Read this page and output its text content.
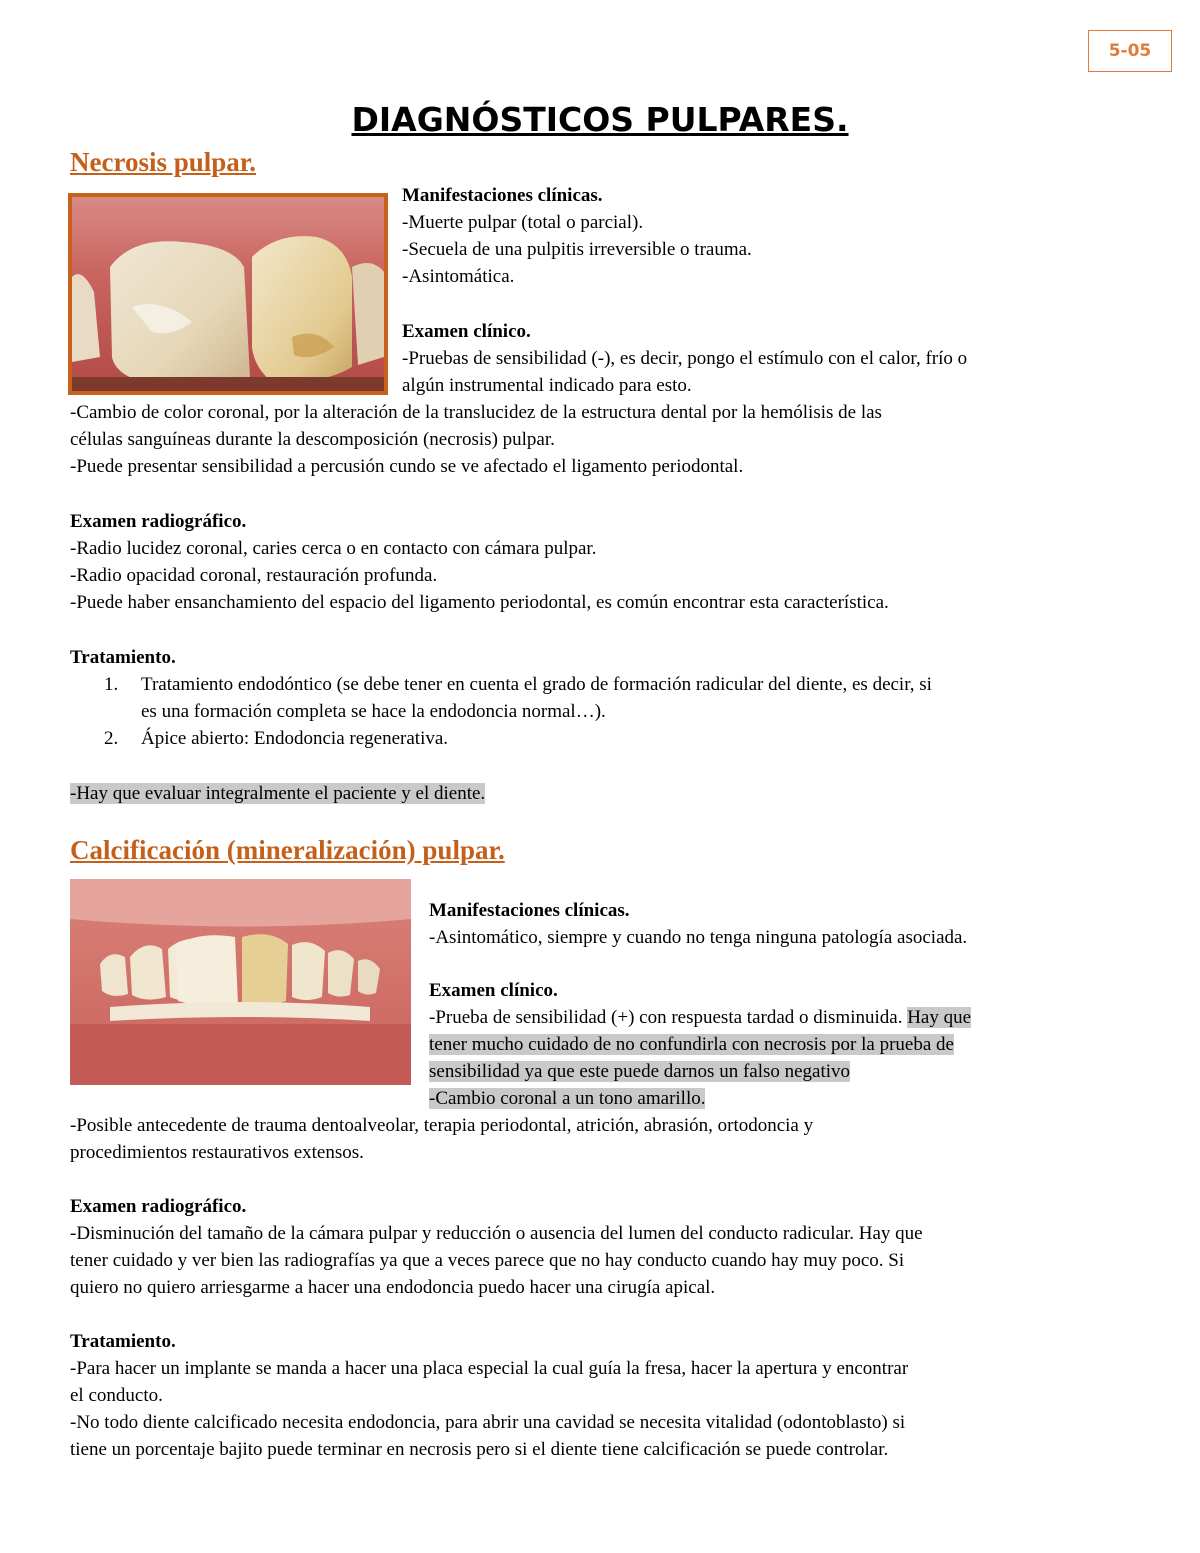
5-05
DIAGNÓSTICOS PULPARES.
Necrosis pulpar.
Manifestaciones clínicas.
-Muerte pulpar (total o parcial).
-Secuela de una pulpitis irreversible o trauma.
-Asintomática.
Examen clínico.
-Pruebas de sensibilidad (-), es decir, pongo el estímulo con el calor, frío o
algún instrumental indicado para esto.
-Cambio de color coronal, por la alteración de la translucidez de la estructura dental por la hemólisis de las
células sanguíneas durante la descomposición (necrosis) pulpar.
-Puede presentar sensibilidad a percusión cundo se ve afectado el ligamento periodontal.
Examen radiográfico.
-Radio lucidez coronal, caries cerca o en contacto con cámara pulpar.
-Radio opacidad coronal, restauración profunda.
-Puede haber ensanchamiento del espacio del ligamento periodontal, es común encontrar esta característica.
Tratamiento.
1. Tratamiento endodóntico (se debe tener en cuenta el grado de formación radicular del diente, es decir, si
es una formación completa se hace la endodoncia normal…).
2. Ápice abierto: Endodoncia regenerativa.
-Hay que evaluar integralmente el paciente y el diente.
Calcificación (mineralización) pulpar.
Manifestaciones clínicas.
-Asintomático, siempre y cuando no tenga ninguna patología asociada.
Examen clínico.
-Prueba de sensibilidad (+) con respuesta tardad o disminuida. Hay que
tener mucho cuidado de no confundirla con necrosis por la prueba de
sensibilidad ya que este puede darnos un falso negativo
-Cambio coronal a un tono amarillo.
-Posible antecedente de trauma dentoalveolar, terapia periodontal, atrición, abrasión, ortodoncia y
procedimientos restaurativos extensos.
Examen radiográfico.
-Disminución del tamaño de la cámara pulpar y reducción o ausencia del lumen del conducto radicular. Hay que
tener cuidado y ver bien las radiografías ya que a veces parece que no hay conducto cuando hay muy poco. Si
quiero no quiero arriesgarme a hacer una endodoncia puedo hacer una cirugía apical.
Tratamiento.
-Para hacer un implante se manda a hacer una placa especial la cual guía la fresa, hacer la apertura y encontrar
el conducto.
-No todo diente calcificado necesita endodoncia, para abrir una cavidad se necesita vitalidad (odontoblasto) si
tiene un porcentaje bajito puede terminar en necrosis pero si el diente tiene calcificación se puede controlar.
